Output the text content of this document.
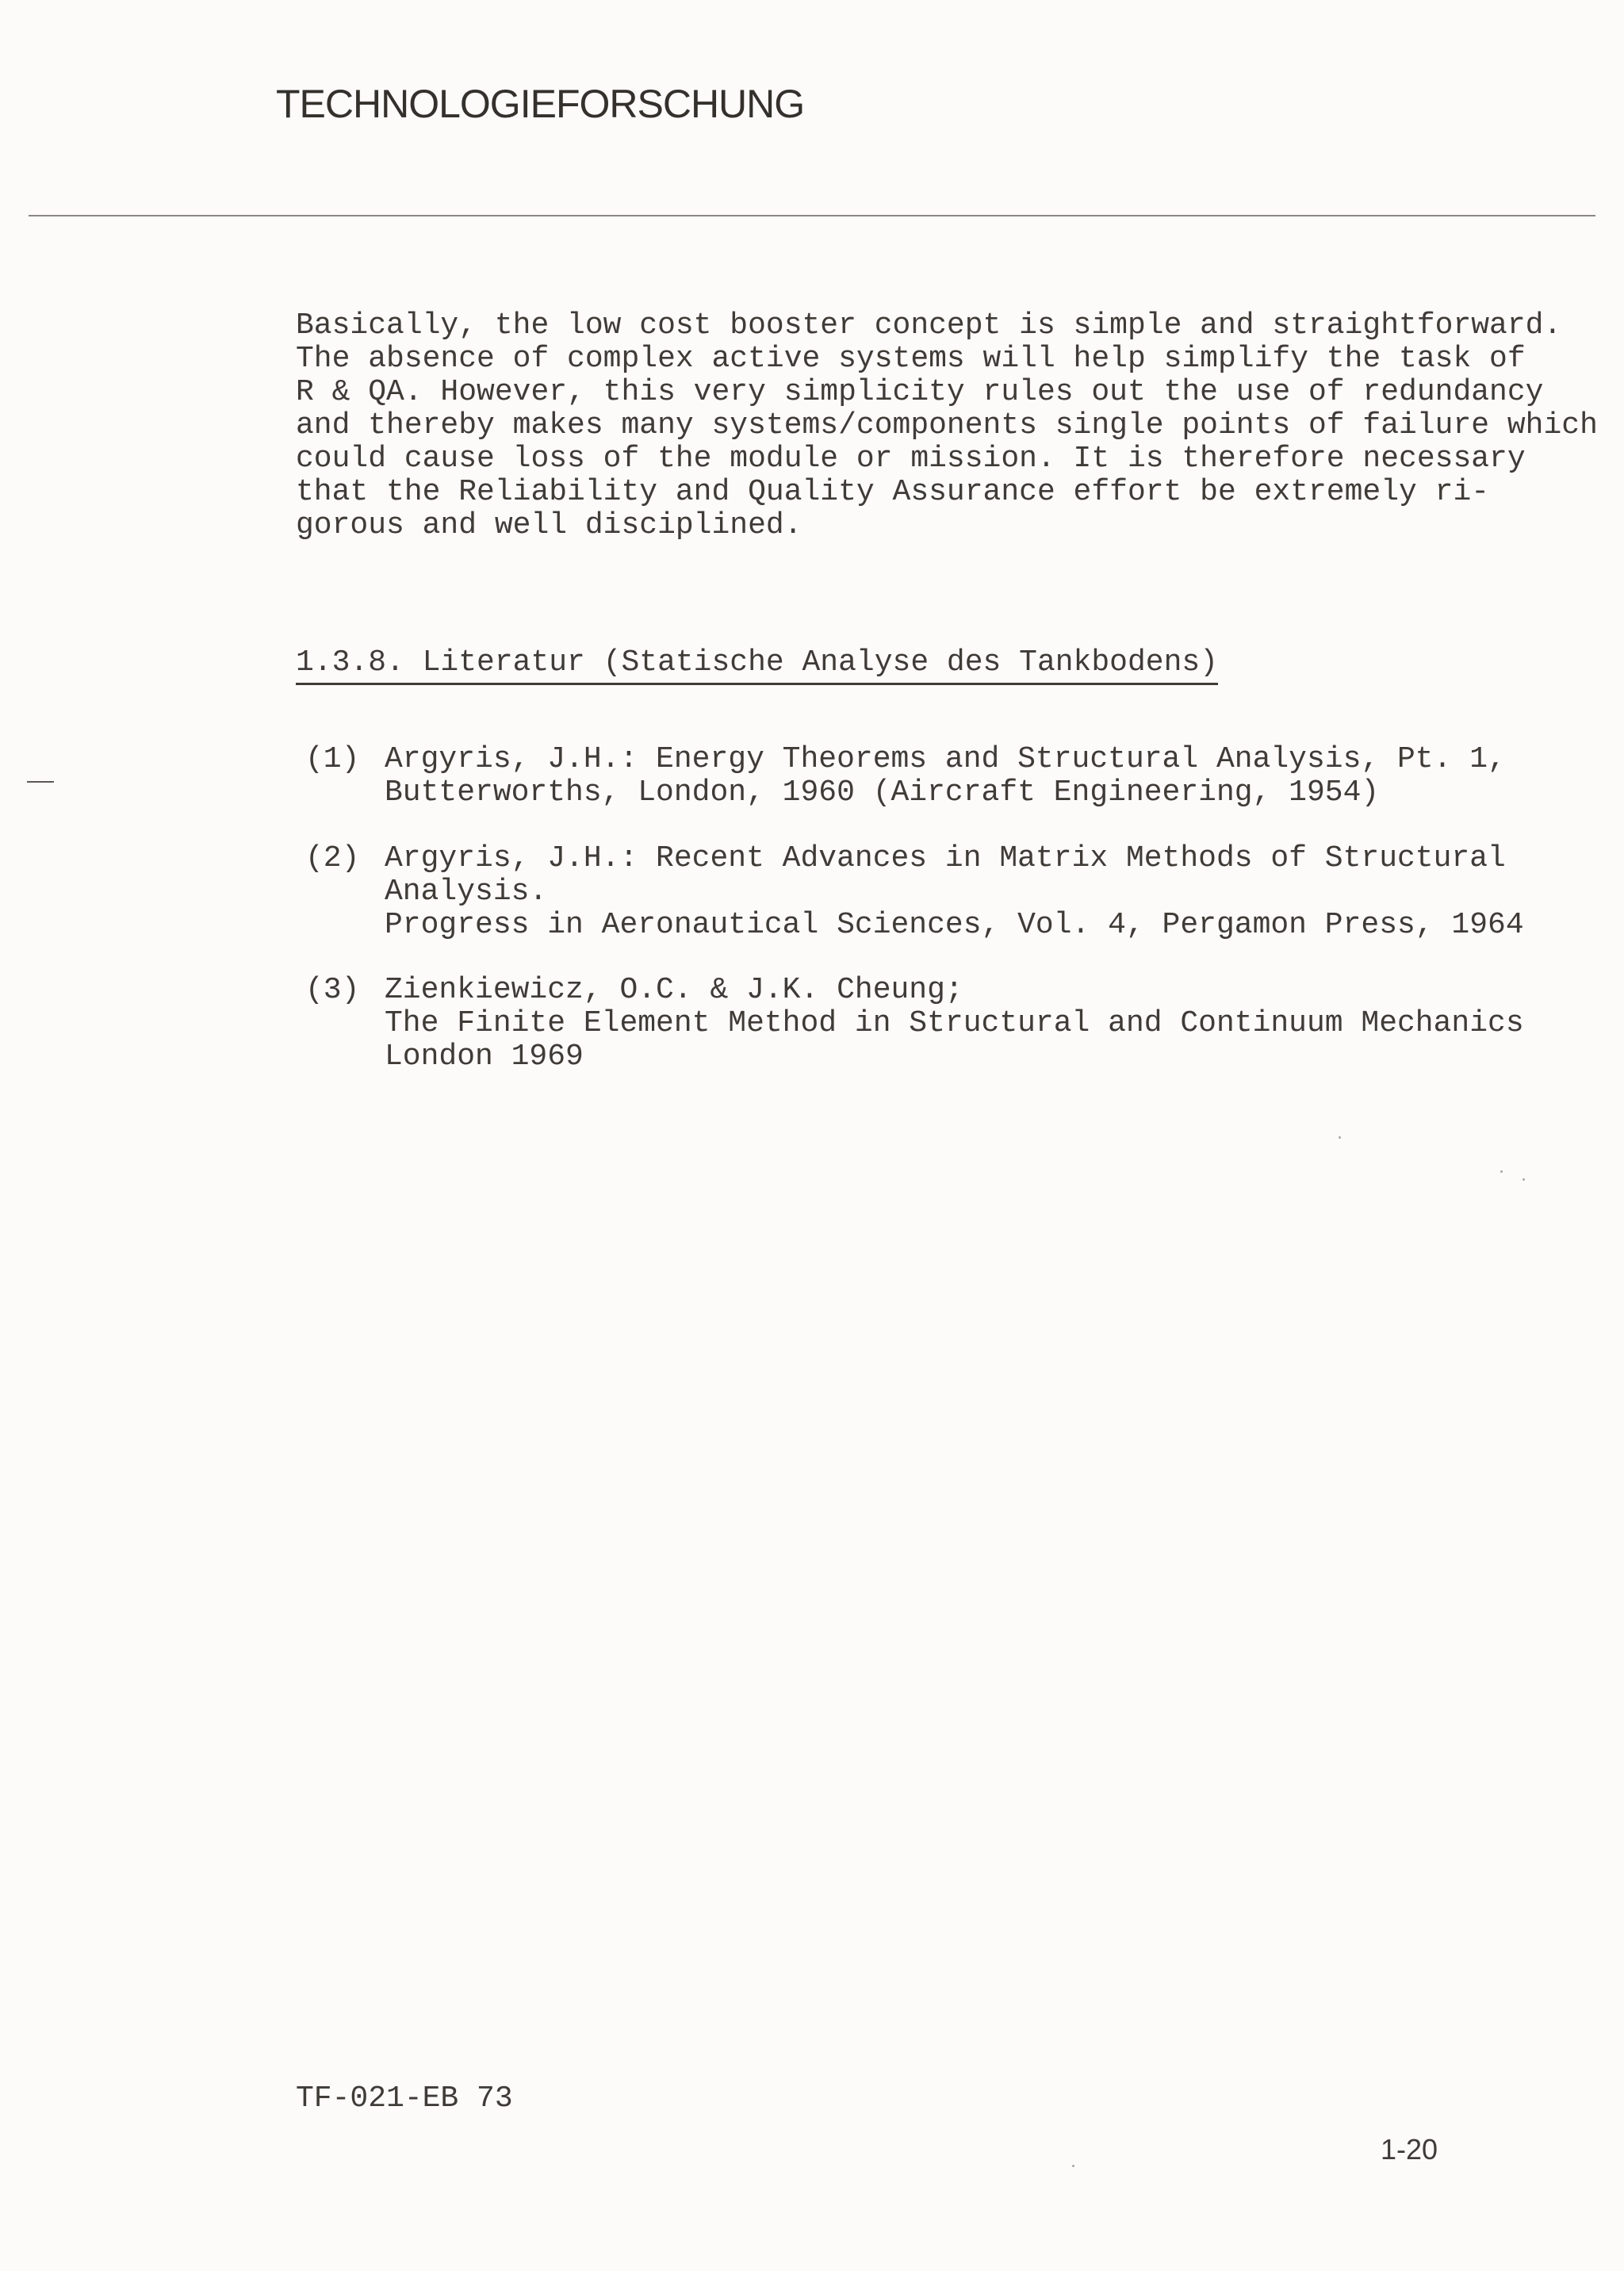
TECHNOLOGIEFORSCHUNG
Basically, the low cost booster concept is simple and straightforward.
The absence of complex active systems will help simplify the task of
R & QA. However, this very simplicity rules out the use of redundancy
and thereby makes many systems/components single points of failure which
could cause loss of the module or mission. It is therefore necessary
that the Reliability and Quality Assurance effort be extremely ri-
gorous and well disciplined.
1.3.8. Literatur (Statische Analyse des Tankbodens)
(1) Argyris, J.H.: Energy Theorems and Structural Analysis, Pt. 1,
Butterworths, London, 1960 (Aircraft Engineering, 1954)
(2) Argyris, J.H.: Recent Advances in Matrix Methods of Structural
Analysis.
Progress in Aeronautical Sciences, Vol. 4, Pergamon Press, 1964
(3) Zienkiewicz, O.C. & J.K. Cheung;
The Finite Element Method in Structural and Continuum Mechanics
London 1969
TF-021-EB 73
1-20
